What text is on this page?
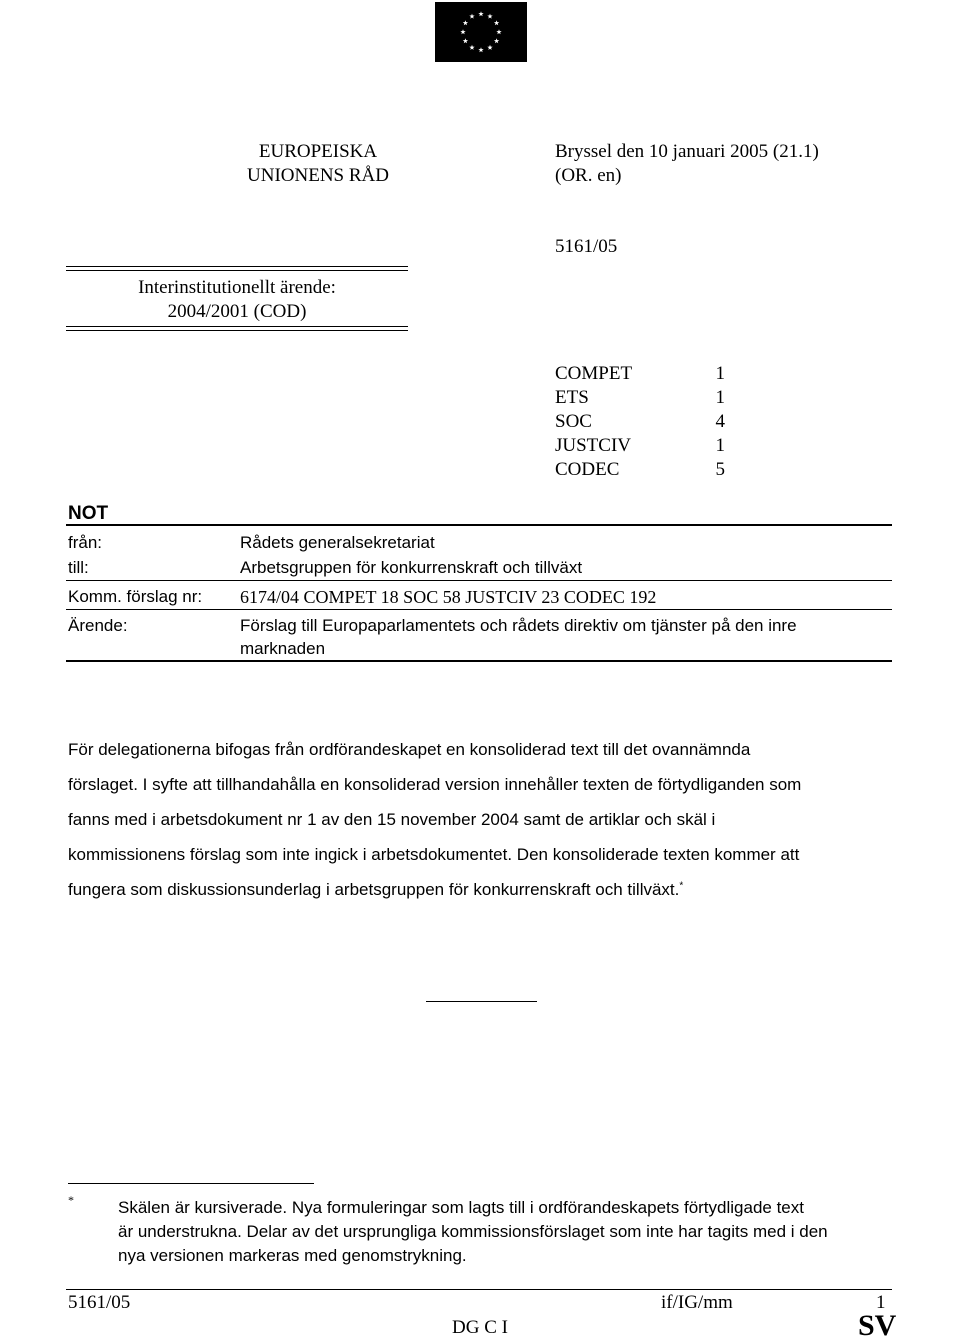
EUROPEISKA
UNIONENS RÅD
Bryssel den 10 januari 2005 (21.1)
(OR. en)
5161/05
Interinstitutionellt ärende:
2004/2001 (COD)
COMPET	1
ETS	1
SOC	4
JUSTCIV	1
CODEC	5
NOT
från:	Rådets generalsekretariat
till:	Arbetsgruppen för konkurrenskraft och tillväxt
Komm. förslag nr: 6174/04 COMPET 18 SOC 58 JUSTCIV 23 CODEC 192
Ärende:	Förslag till Europaparlamentets och rådets direktiv om tjänster på den inre
marknaden
För delegationerna bifogas från ordförandeskapet en konsoliderad text till det ovannämnda
förslaget. I syfte att tillhandahålla en konsoliderad version innehåller texten de förtydliganden som
fanns med i arbetsdokument nr 1 av den 15 november 2004 samt de artiklar och skäl i
kommissionens förslag som inte ingick i arbetsdokumentet. Den konsoliderade texten kommer att
fungera som diskussionsunderlag i arbetsgruppen för konkurrenskraft och tillväxt.*
*	Skälen är kursiverade. Nya formuleringar som lagts till i ordförandeskapets förtydligade text
är understrukna. Delar av det ursprungliga kommissionsförslaget som inte har tagits med i den
nya versionen markeras med genomstrykning.
5161/05	if/IG/mm	1
DG C I	SV
